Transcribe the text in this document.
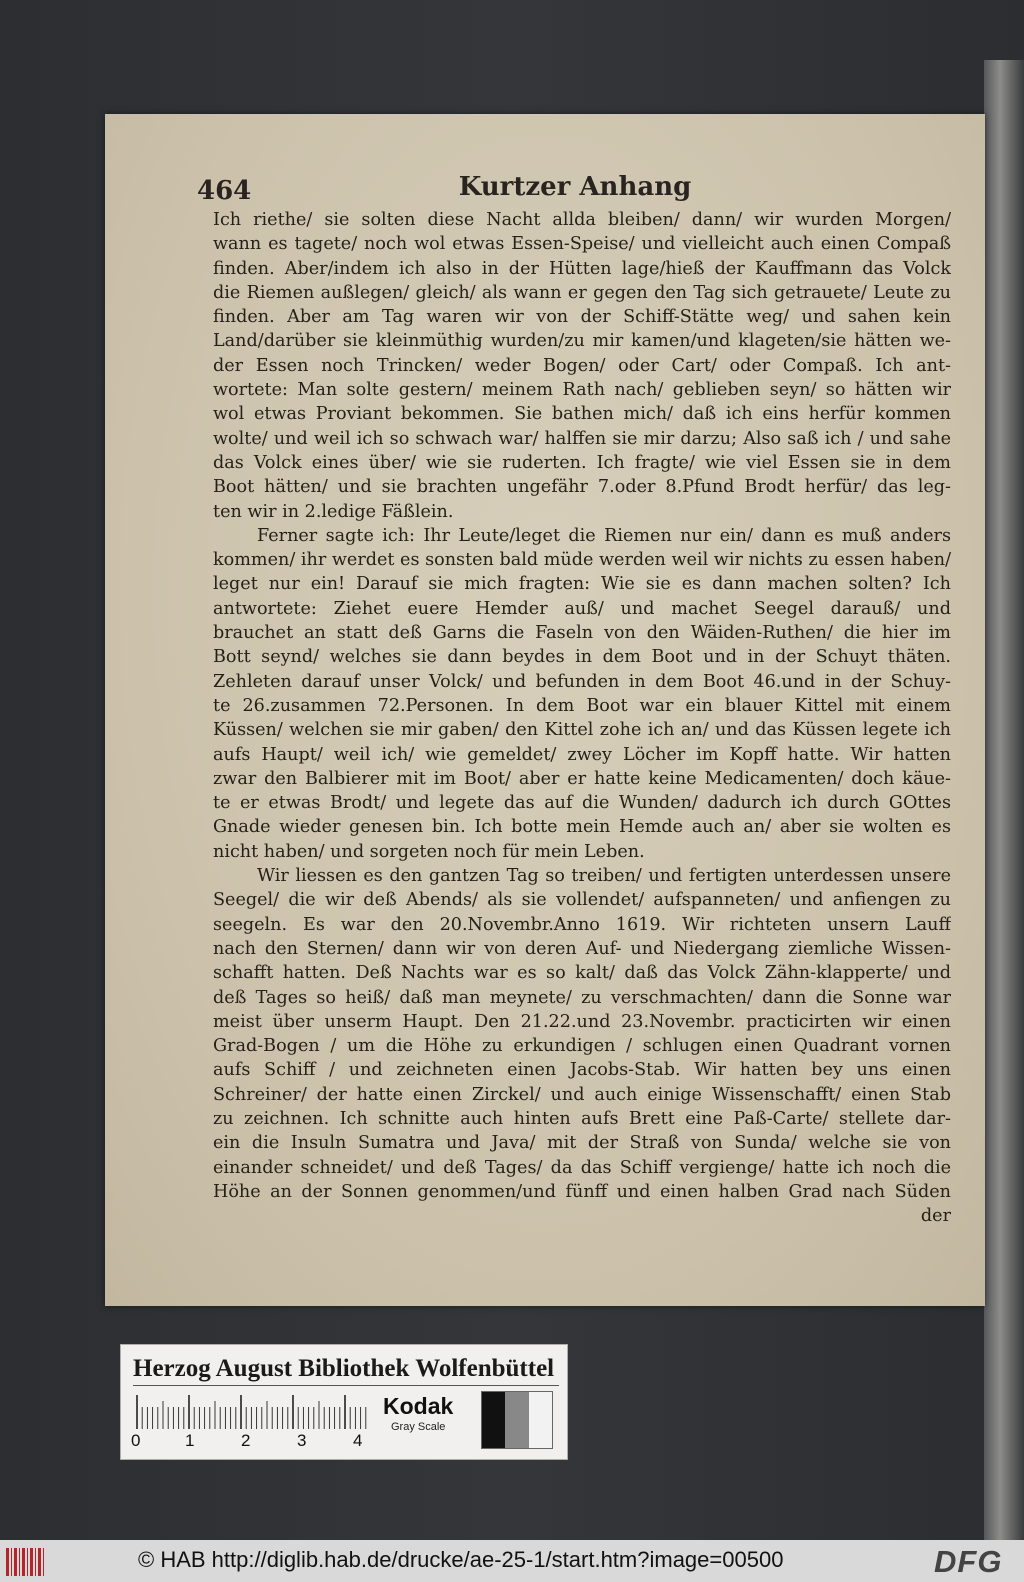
464	Kurtzer Anhang
Ich riethe/ sie solten diese Nacht allda bleiben/ dann/ wir wurden Morgen/
wann es tagete/ noch wol etwas Essen-Speise/ und vielleicht auch einen Compaß
finden. Aber/indem ich also in der Hütten lage/hieß der Kauffmann das Volck
die Riemen außlegen/ gleich/ als wann er gegen den Tag sich getrauete/ Leute zu
finden. Aber am Tag waren wir von der Schiff-Stätte weg/ und sahen kein
Land/darüber sie kleinmüthig wurden/zu mir kamen/und klageten/sie hätten we-
der Essen noch Trincken/ weder Bogen/ oder Cart/ oder Compaß. Ich ant-
wortete: Man solte gestern/ meinem Rath nach/ geblieben seyn/ so hätten wir
wol etwas Proviant bekommen. Sie bathen mich/ daß ich eins herfür kommen
wolte/ und weil ich so schwach war/ halffen sie mir darzu; Also saß ich / und sahe
das Volck eines über/ wie sie ruderten. Ich fragte/ wie viel Essen sie in dem
Boot hätten/ und sie brachten ungefähr 7.oder 8.Pfund Brodt herfür/ das leg-
ten wir in 2.ledige Fäßlein.
Ferner sagte ich: Ihr Leute/leget die Riemen nur ein/ dann es muß anders
kommen/ ihr werdet es sonsten bald müde werden weil wir nichts zu essen haben/
leget nur ein! Darauf sie mich fragten: Wie sie es dann machen solten? Ich
antwortete: Ziehet euere Hemder auß/ und machet Seegel darauß/ und
brauchet an statt deß Garns die Faseln von den Wäiden-Ruthen/ die hier im
Bott seynd/ welches sie dann beydes in dem Boot und in der Schuyt thäten.
Zehleten darauf unser Volck/ und befunden in dem Boot 46.und in der Schuy-
te 26.zusammen 72.Personen. In dem Boot war ein blauer Kittel mit einem
Küssen/ welchen sie mir gaben/ den Kittel zohe ich an/ und das Küssen legete ich
aufs Haupt/ weil ich/ wie gemeldet/ zwey Löcher im Kopff hatte. Wir hatten
zwar den Balbierer mit im Boot/ aber er hatte keine Medicamenten/ doch käue-
te er etwas Brodt/ und legete das auf die Wunden/ dadurch ich durch GOttes
Gnade wieder genesen bin. Ich botte mein Hemde auch an/ aber sie wolten es
nicht haben/ und sorgeten noch für mein Leben.
Wir liessen es den gantzen Tag so treiben/ und fertigten unterdessen unsere
Seegel/ die wir deß Abends/ als sie vollendet/ aufspanneten/ und anfiengen zu
seegeln. Es war den 20.Novembr.Anno 1619. Wir richteten unsern Lauff
nach den Sternen/ dann wir von deren Auf- und Niedergang ziemliche Wissen-
schafft hatten. Deß Nachts war es so kalt/ daß das Volck Zähn-klapperte/ und
deß Tages so heiß/ daß man meynete/ zu verschmachten/ dann die Sonne war
meist über unserm Haupt. Den 21.22.und 23.Novembr. practicirten wir einen
Grad-Bogen / um die Höhe zu erkundigen / schlugen einen Quadrant vornen
aufs Schiff / und zeichneten einen Jacobs-Stab. Wir hatten bey uns einen
Schreiner/ der hatte einen Zirckel/ und auch einige Wissenschafft/ einen Stab
zu zeichnen. Ich schnitte auch hinten aufs Brett eine Paß-Carte/ stellete dar-
ein die Insuln Sumatra und Java/ mit der Straß von Sunda/ welche sie von
einander schneidet/ und deß Tages/ da das Schiff vergienge/ hatte ich noch die
Höhe an der Sonnen genommen/und fünff und einen halben Grad nach Süden
der
Herzog August Bibliothek Wolfenbüttel
0	1	2	3	4
Kodak
Gray Scale
© HAB http://diglib.hab.de/drucke/ae-25-1/start.htm?image=00500	DFG
